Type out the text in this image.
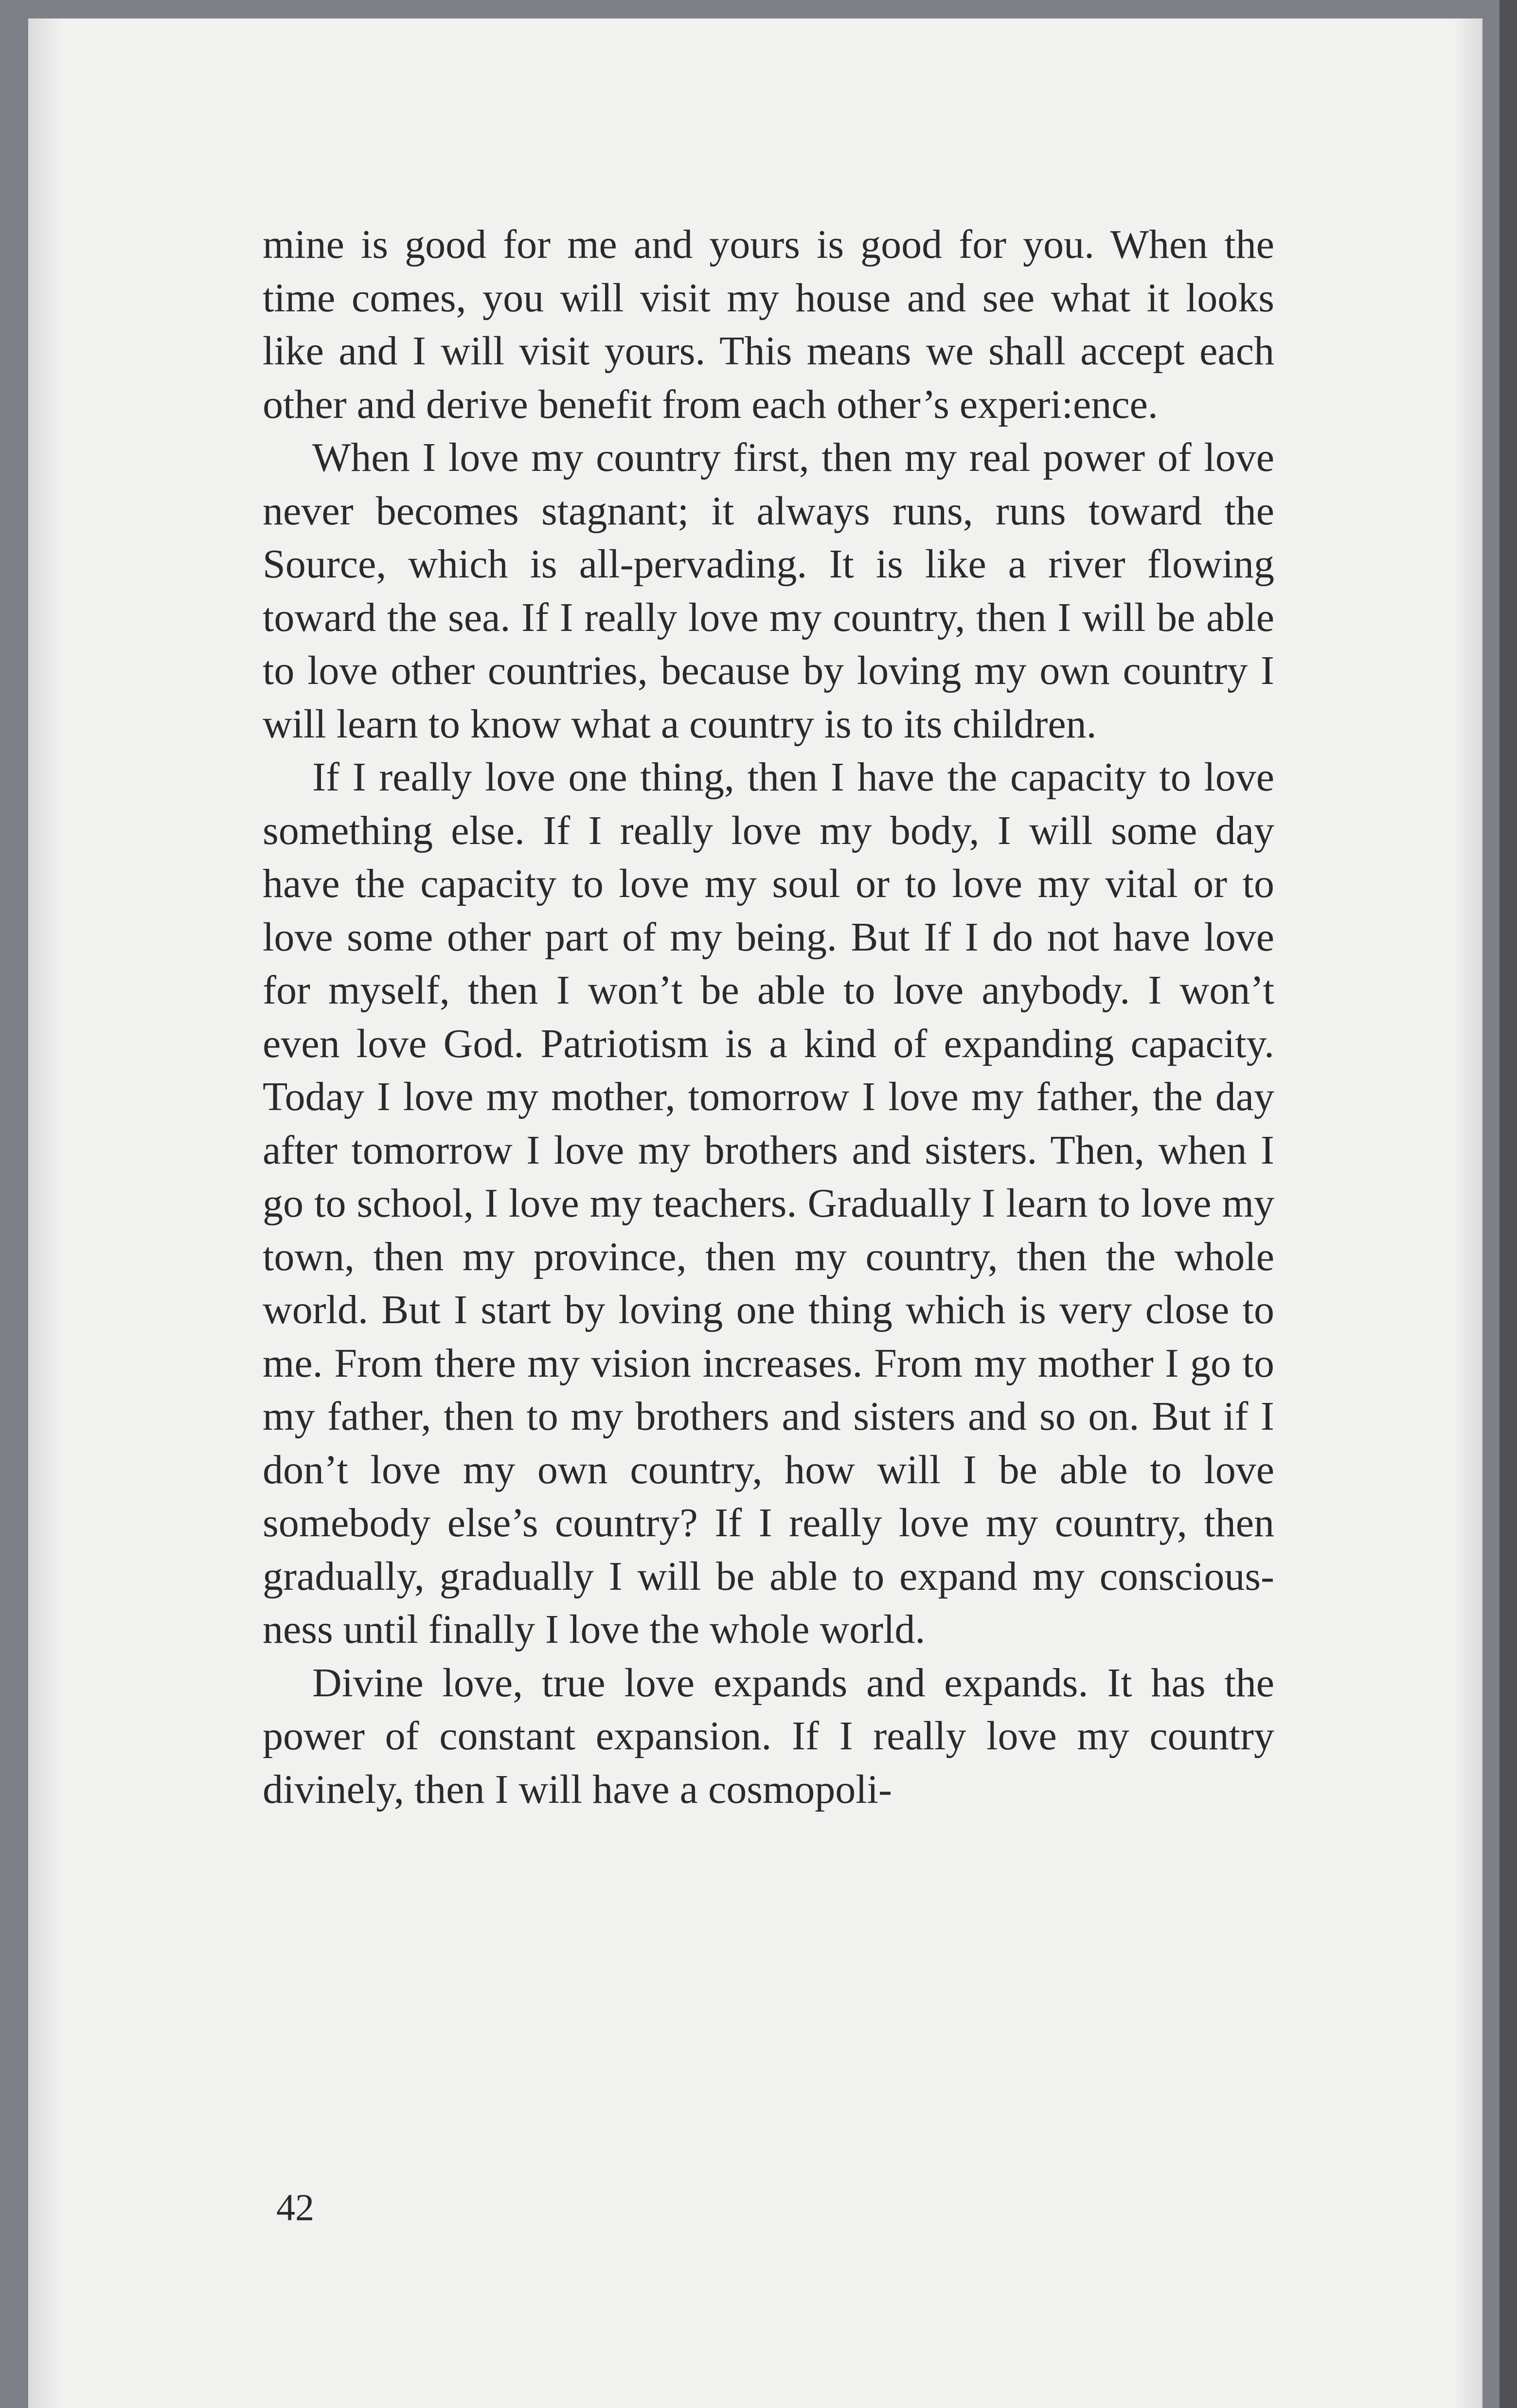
mine is good for me and yours is good for you. When the time comes, you will visit my house and see what it looks like and I will visit yours. This means we shall accept each other and derive benefit from each other’s experi:ence.

When I love my country first, then my real power of love never becomes stagnant; it always runs, runs toward the Source, which is all-pervading. It is like a river flowing toward the sea. If I really love my country, then I will be able to love other countries, because by loving my own country I will learn to know what a country is to its children.

If I really love one thing, then I have the capacity to love something else. If I really love my body, I will some day have the capacity to love my soul or to love my vital or to love some other part of my being. But If I do not have love for myself, then I won’t be able to love anybody. I won’t even love God. Patriotism is a kind of expanding capacity. Today I love my mother, tomorrow I love my father, the day after tomorrow I love my brothers and sisters. Then, when I go to school, I love my teachers. Gradually I learn to love my town, then my province, then my country, then the whole world. But I start by loving one thing which is very close to me. From there my vision increases. From my mother I go to my father, then to my brothers and sisters and so on. But if I don’t love my own country, how will I be able to love somebody else’s country? If I really love my country, then gradually, gradually I will be able to expand my consciousness until finally I love the whole world.

Divine love, true love expands and expands. It has the power of constant expansion. If I really love my country divinely, then I will have a cosmopoli-

42
